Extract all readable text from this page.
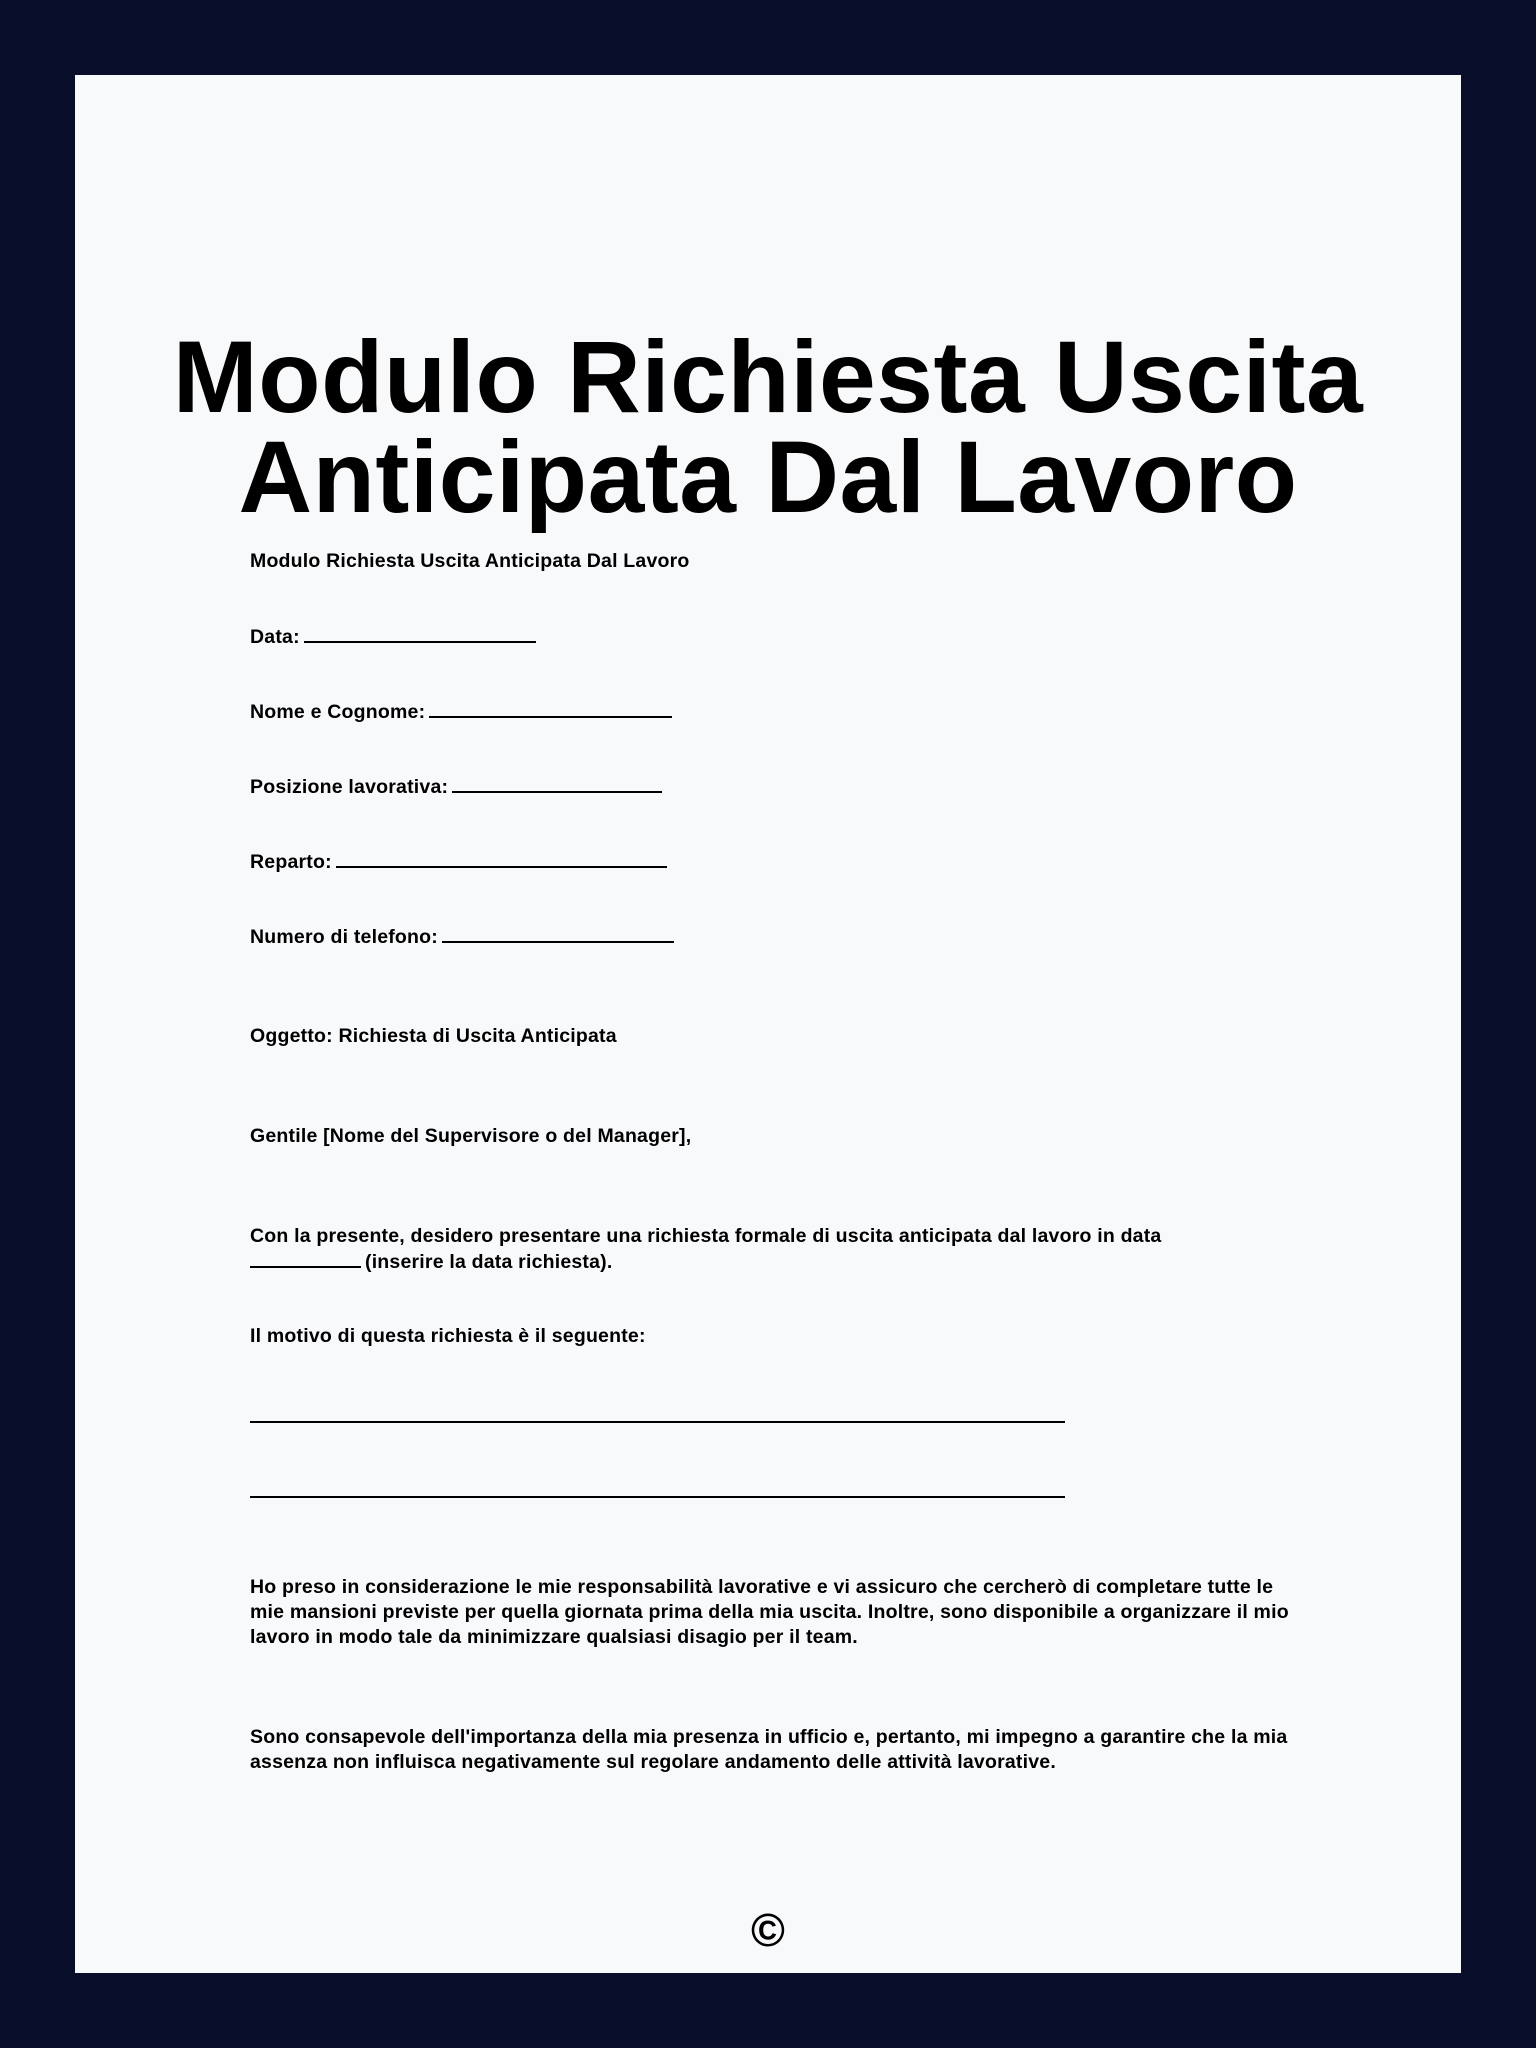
Modulo Richiesta Uscita
Anticipata Dal Lavoro

Modulo Richiesta Uscita Anticipata Dal Lavoro

Data:

Nome e Cognome:

Posizione lavorativa:

Reparto:

Numero di telefono:

Oggetto: Richiesta di Uscita Anticipata

Gentile [Nome del Supervisore o del Manager],

Con la presente, desidero presentare una richiesta formale di uscita anticipata dal lavoro in data
(inserire la data richiesta).

Il motivo di questa richiesta è il seguente:

Ho preso in considerazione le mie responsabilità lavorative e vi assicuro che cercherò di completare tutte le mie mansioni previste per quella giornata prima della mia uscita. Inoltre, sono disponibile a organizzare il mio lavoro in modo tale da minimizzare qualsiasi disagio per il team.

Sono consapevole dell'importanza della mia presenza in ufficio e, pertanto, mi impegno a garantire che la mia assenza non influisca negativamente sul regolare andamento delle attività lavorative.

©
